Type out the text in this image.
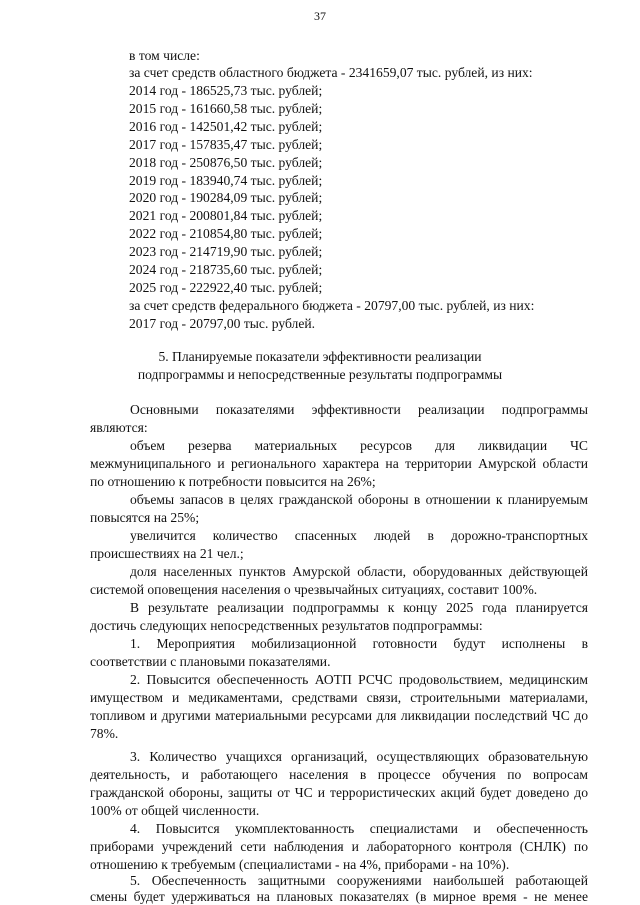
37
в том числе:
за счет средств областного бюджета - 2341659,07 тыс. рублей, из них:
2014 год - 186525,73 тыс. рублей;
2015 год - 161660,58 тыс. рублей;
2016 год - 142501,42 тыс. рублей;
2017 год - 157835,47 тыс. рублей;
2018 год - 250876,50 тыс. рублей;
2019 год - 183940,74 тыс. рублей;
2020 год - 190284,09 тыс. рублей;
2021 год - 200801,84 тыс. рублей;
2022 год - 210854,80 тыс. рублей;
2023 год - 214719,90 тыс. рублей;
2024 год - 218735,60 тыс. рублей;
2025 год - 222922,40 тыс. рублей;
за счет средств федерального бюджета - 20797,00 тыс. рублей, из них:
2017 год - 20797,00 тыс. рублей.
5. Планируемые показатели эффективности реализации
подпрограммы и непосредственные результаты подпрограммы
Основными показателями эффективности реализации подпрограммы
являются:
объем резерва материальных ресурсов для ликвидации ЧС
межмуниципального и регионального характера на территории Амурской области
по отношению к потребности повысится на 26%;
объемы запасов в целях гражданской обороны в отношении к планируемым
повысятся на 25%;
увеличится количество спасенных людей в дорожно-транспортных
происшествиях на 21 чел.;
доля населенных пунктов Амурской области, оборудованных действующей
системой оповещения населения о чрезвычайных ситуациях, составит 100%.
В результате реализации подпрограммы к концу 2025 года планируется
достичь следующих непосредственных результатов подпрограммы:
1. Мероприятия мобилизационной готовности будут исполнены в
соответствии с плановыми показателями.
2. Повысится обеспеченность АОТП РСЧС продовольствием, медицинским
имуществом и медикаментами, средствами связи, строительными материалами,
топливом и другими материальными ресурсами для ликвидации последствий ЧС до
78%.
3. Количество учащихся организаций, осуществляющих образовательную
деятельность, и работающего населения в процессе обучения по вопросам
гражданской обороны, защиты от ЧС и террористических акций будет доведено до
100% от общей численности.
4. Повысится укомплектованность специалистами и обеспеченность
приборами учреждений сети наблюдения и лабораторного контроля (СНЛК) по
отношению к требуемым (специалистами - на 4%, приборами - на 10%).
5. Обеспеченность защитными сооружениями наибольшей работающей
смены будет удерживаться на плановых показателях (в мирное время - не менее
